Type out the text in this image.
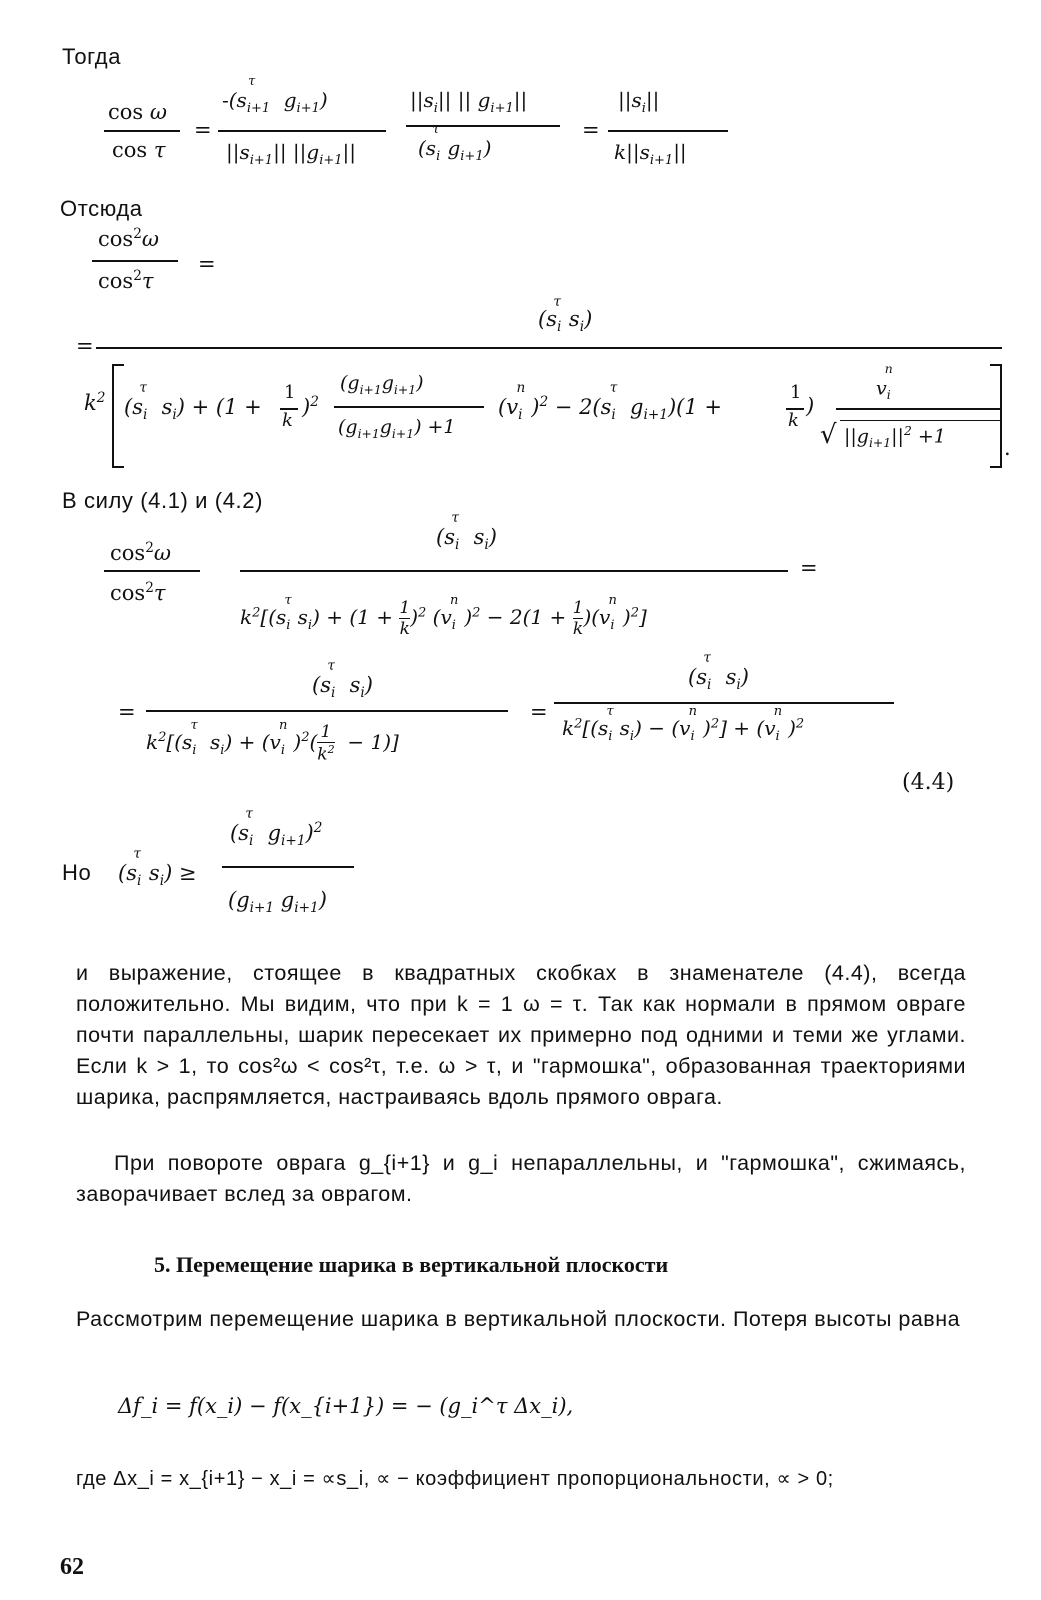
Тогда
cos ω
cos τ
=
$-(s_{i+1}^\tau$ $g_{i+1}$)
$||s_{i+1}||$ $||g_{i+1}||$
$||s_i||$ || $g_{i+1}||$
$(s_i^\tau g_{i+1})$
=
$||s_i||$
$k||s_{i+1}||$
Отсюда
$\cos^2\omega$
$\cos^2\tau$
=
=
$(s_i^\tau s_i)$
$k^2$ ($s_i^\tau$ $s_i) + (1$ +
1
k
)$^2$
$(g_{i+1}g_{i+1})$
$(g_{i+1}g_{i+1}) +1$
$(v_i^n)^2 - 2(s_i^\tau$ $g_{i+1})(1$ +
1
k
)
$v_i^n$
√ $||g_{i+1}||^2 +1$	.
В силу (4.1) и (4.2)
$\cos^2\omega$
$\cos^2\tau$
($s_i^\tau$ $s_i$)
$k^2[(s_i^\tau s_i) + (1 + \frac{1}{k} )^2$ $(v_i^n)^2 - 2(1 + \frac{1}{k} )(v_i^n)^2$]
=
=
($s_i^\tau$ $s_i$)
$k^2[(s_i^\tau$ $s_i) + (v_i^n)^2( \frac{1}{k^2} - 1)$]
=
($s_i^\tau$ $s_i$)
$k^2[(s_i^\tau s_i) - (v_i^n)^2] + (v_i^n)^2$
(4.4)
Но $(s_i^\tau s_i)$ ≥
($s_i^\tau$ $g_{i+1})^2$
($g_{i+1}$ $g_{i+1}$)
и выражение, стоящее в квадратных скобках в знаменателе (4.4), всегда положительно. Мы видим, что при k = 1 ω = τ. Так как нормали в прямом овраге почти параллельны, шарик пересекает их примерно под одними и теми же углами. Если k > 1, то cos²ω < cos²τ, т.е. ω > τ, и "гармошка", образованная траекториями шарика, распрямляется, настраиваясь вдоль прямого оврага.
При повороте оврага g_{i+1} и g_i непараллельны, и "гармошка", сжимаясь, заворачивает вслед за оврагом.
5. Перемещение шарика в вертикальной плоскости
Рассмотрим перемещение шарика в вертикальной плоскости. Потеря высоты равна
Δf_i = f(x_i) − f(x_{i+1}) = − (g_i^τ Δx_i),
где Δx_i = x_{i+1} − x_i = ∝s_i, ∝ − коэффициент пропорциональности, ∝ > 0;
62
